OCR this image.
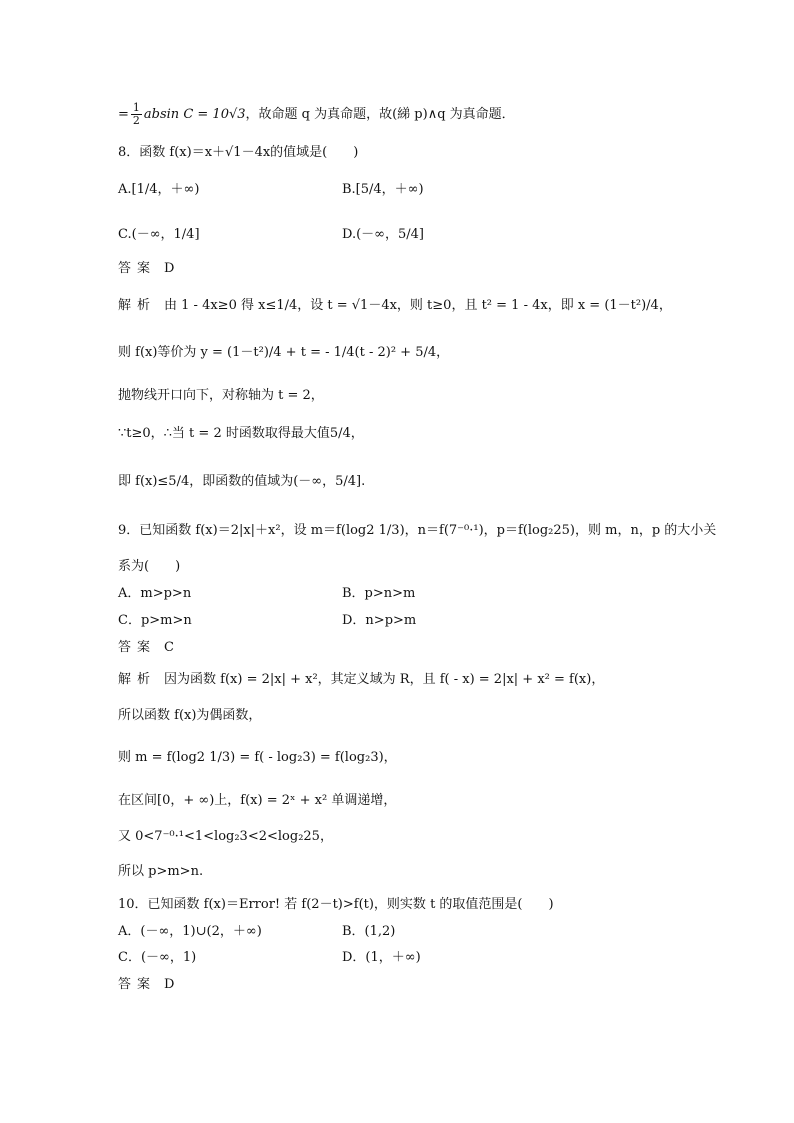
= $\frac{1}{2}$ absin C = 10√3 ，故命题 q 为真命题，故(綈 p)∧q 为真命题．
8．函数 f(x)＝x＋√1－4x的值域是(　　)
A.[1/4，＋∞)	B.[5/4，＋∞)
C.(－∞，1/4]	D.(－∞，5/4]
答案 D
解析 由 1 - 4x≥0 得 x≤1/4，设 t = √1－4x，则 t≥0，且 t² = 1 - 4x，即 x = (1－t²)/4，
则 f(x)等价为 y = (1－t²)/4 + t = - 1/4(t - 2)² + 5/4，
抛物线开口向下，对称轴为 t = 2，
∵t≥0，∴当 t = 2 时函数取得最大值5/4，
即 f(x)≤5/4，即函数的值域为(－∞，5/4].
9．已知函数 f(x)＝2|x|＋x²，设 m＝f(log2 1/3)，n＝f(7⁻⁰·¹)，p＝f(log₂25)，则 m，n，p 的大小关
系为(　　)
A．m>p>n	B．p>n>m
C．p>m>n	D．n>p>m
答案 C
解析 因为函数 f(x) = 2|x| + x²，其定义域为 R，且 f( - x) = 2|x| + x² = f(x)，
所以函数 f(x)为偶函数，
则 m = f(log2 1/3) = f( - log₂3) = f(log₂3)，
在区间[0，+ ∞)上，f(x) = 2ˣ + x² 单调递增，
又 0<7⁻⁰·¹<1<log₂3<2<log₂25，
所以 p>m>n.
10．已知函数 f(x)＝Error! 若 f(2－t)>f(t)，则实数 t 的取值范围是(　　)
A．(－∞，1)∪(2，＋∞)	B．(1,2)
C．(－∞，1)	D．(1，＋∞)
答案 D
